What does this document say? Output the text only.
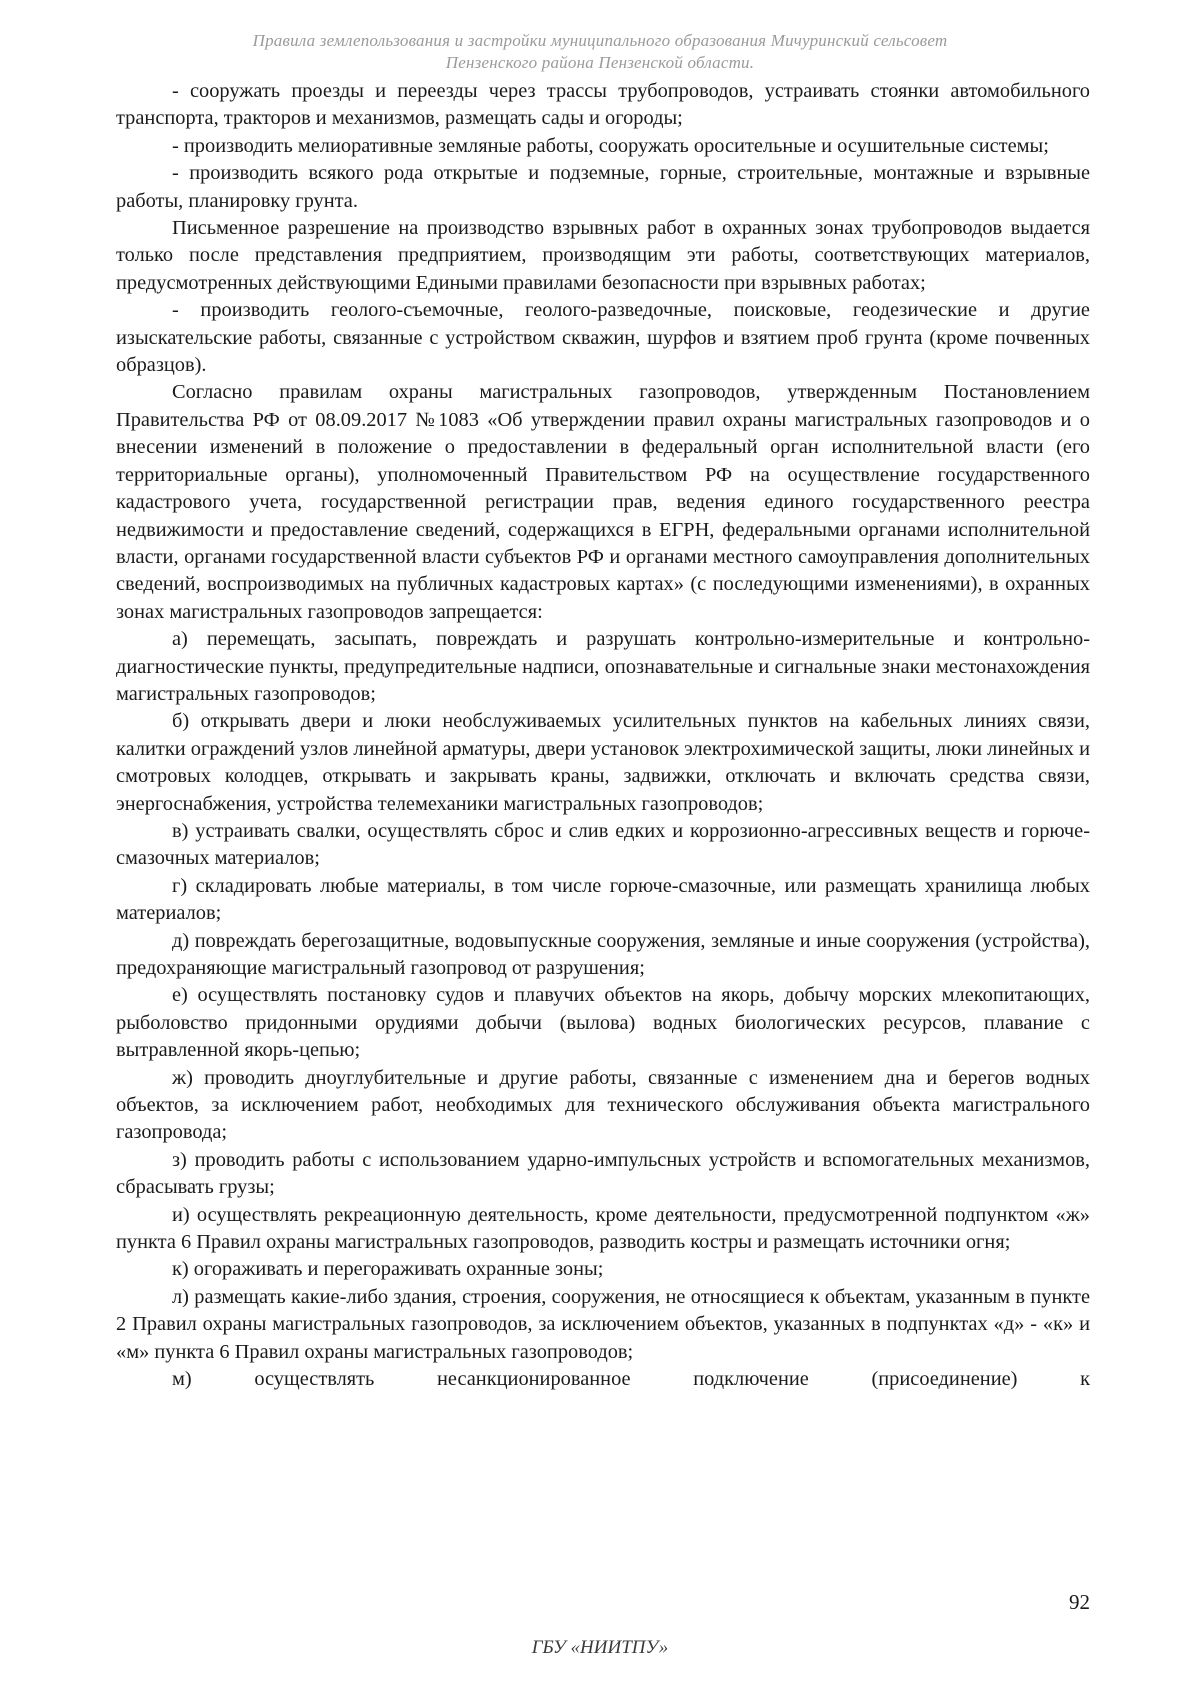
Правила землепользования и застройки муниципального образования Мичуринский сельсовет
Пензенского района Пензенской области.

- сооружать проезды и переезды через трассы трубопроводов, устраивать стоянки автомобильного транспорта, тракторов и механизмов, размещать сады и огороды;

- производить мелиоративные земляные работы, сооружать оросительные и осушительные системы;

- производить всякого рода открытые и подземные, горные, строительные, монтажные и взрывные работы, планировку грунта.

Письменное разрешение на производство взрывных работ в охранных зонах трубопроводов выдается только после представления предприятием, производящим эти работы, соответствующих материалов, предусмотренных действующими Едиными правилами безопасности при взрывных работах;

- производить геолого-съемочные, геолого-разведочные, поисковые, геодезические и другие изыскательские работы, связанные с устройством скважин, шурфов и взятием проб грунта (кроме почвенных образцов).

Согласно правилам охраны магистральных газопроводов, утвержденным Постановлением Правительства РФ от 08.09.2017 №1083 «Об утверждении правил охраны магистральных газопроводов и о внесении изменений в положение о предоставлении в федеральный орган исполнительной власти (его территориальные органы), уполномоченный Правительством РФ на осуществление государственного кадастрового учета, государственной регистрации прав, ведения единого государственного реестра недвижимости и предоставление сведений, содержащихся в ЕГРН, федеральными органами исполнительной власти, органами государственной власти субъектов РФ и органами местного самоуправления дополнительных сведений, воспроизводимых на публичных кадастровых картах» (с последующими изменениями), в охранных зонах магистральных газопроводов запрещается:

а) перемещать, засыпать, повреждать и разрушать контрольно-измерительные и контрольно-диагностические пункты, предупредительные надписи, опознавательные и сигнальные знаки местонахождения магистральных газопроводов;

б) открывать двери и люки необслуживаемых усилительных пунктов на кабельных линиях связи, калитки ограждений узлов линейной арматуры, двери установок электрохимической защиты, люки линейных и смотровых колодцев, открывать и закрывать краны, задвижки, отключать и включать средства связи, энергоснабжения, устройства телемеханики магистральных газопроводов;

в) устраивать свалки, осуществлять сброс и слив едких и коррозионно-агрессивных веществ и горюче-смазочных материалов;

г) складировать любые материалы, в том числе горюче-смазочные, или размещать хранилища любых материалов;

д) повреждать берегозащитные, водовыпускные сооружения, земляные и иные сооружения (устройства), предохраняющие магистральный газопровод от разрушения;

е) осуществлять постановку судов и плавучих объектов на якорь, добычу морских млекопитающих, рыболовство придонными орудиями добычи (вылова) водных биологических ресурсов, плавание с вытравленной якорь-цепью;

ж) проводить дноуглубительные и другие работы, связанные с изменением дна и берегов водных объектов, за исключением работ, необходимых для технического обслуживания объекта магистрального газопровода;

з) проводить работы с использованием ударно-импульсных устройств и вспомогательных механизмов, сбрасывать грузы;

и) осуществлять рекреационную деятельность, кроме деятельности, предусмотренной подпунктом «ж» пункта 6 Правил охраны магистральных газопроводов, разводить костры и размещать источники огня;

к) огораживать и перегораживать охранные зоны;

л) размещать какие-либо здания, строения, сооружения, не относящиеся к объектам, указанным в пункте 2 Правил охраны магистральных газопроводов, за исключением объектов, указанных в подпунктах «д» - «к» и «м» пункта 6 Правил охраны магистральных газопроводов;

м) осуществлять несанкционированное подключение (присоединение) к

92
ГБУ «НИИТПУ»
